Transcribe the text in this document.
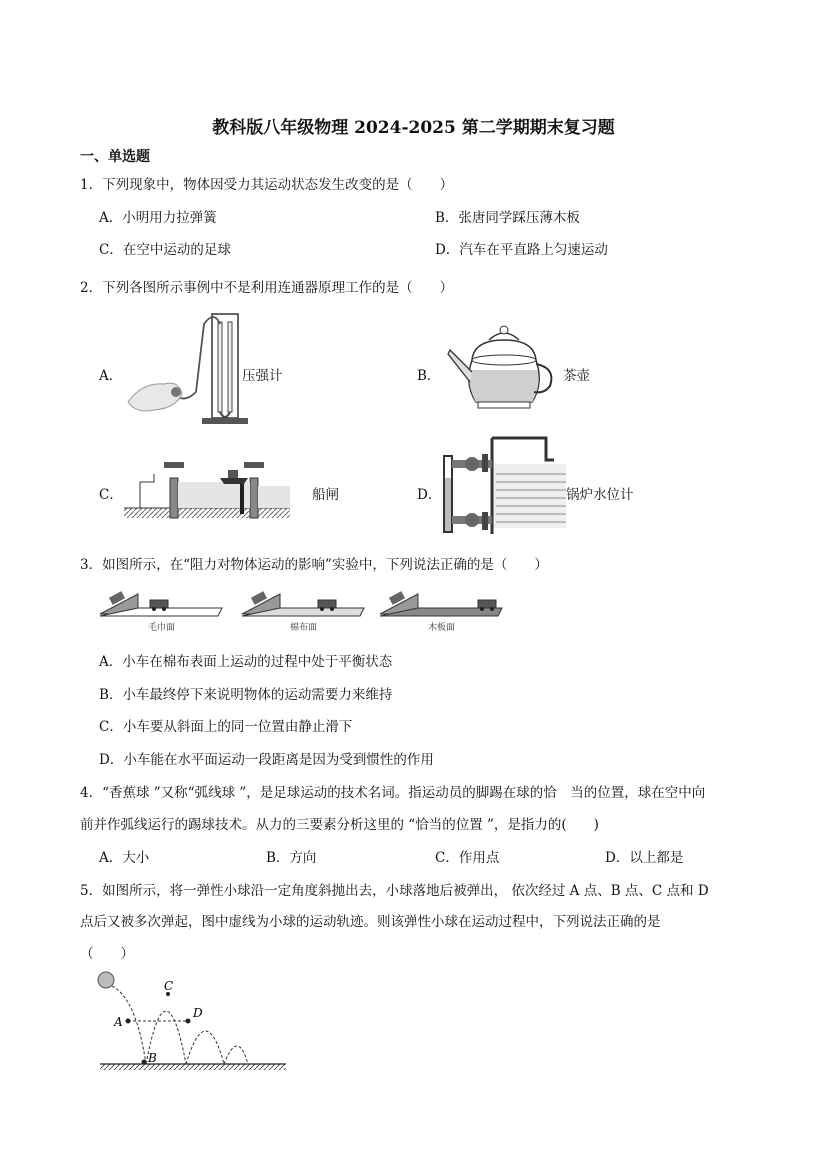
教科版八年级物理 2024-2025 第二学期期末复习题
一、单选题
1．下列现象中，物体因受力其运动状态发生改变的是（　　）
A．小明用力拉弹簧	B．张唐同学踩压薄木板
C．在空中运动的足球	D．汽车在平直路上匀速运动
2．下列各图所示事例中不是利用连通器原理工作的是（　　）
A．	压强计	B．	茶壶
C．	船闸	D．	锅炉水位计
3．如图所示，在“阻力对物体运动的影响”实验中，下列说法正确的是（　　）
毛巾面	棉布面	木板面
A．小车在棉布表面上运动的过程中处于平衡状态
B．小车最终停下来说明物体的运动需要力来维持
C．小车要从斜面上的同一位置由静止滑下
D．小车能在水平面运动一段距离是因为受到惯性的作用
4．“香蕉球 ”又称“弧线球 ”，是足球运动的技术名词。指运动员的脚踢在球的恰　当的位置，球在空中向
前并作弧线运行的踢球技术。从力的三要素分析这里的 “恰当的位置 ”，是指力的(　　)
A．大小	B．方向	C．作用点	D．以上都是
5．如图所示，将一弹性小球沿一定角度斜抛出去，小球落地后被弹出， 依次经过 A 点、B 点、C 点和 D
点后又被多次弹起，图中虚线为小球的运动轨迹。则该弹性小球在运动过程中，下列说法正确的是
（　　）
A
B
C
D
